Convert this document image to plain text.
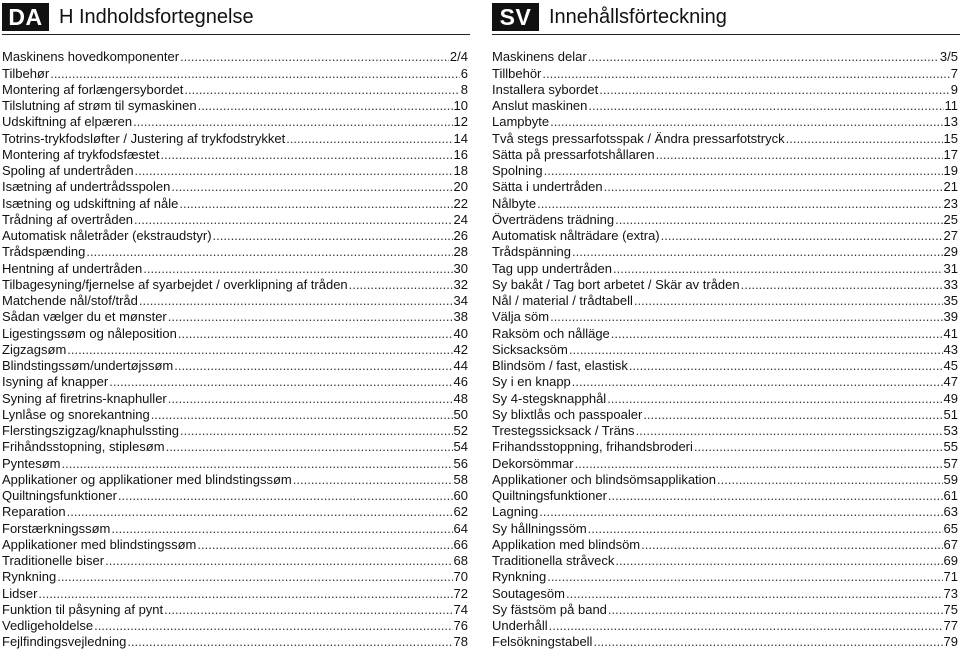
DA H Indholdsfortegnelse
Maskinens hovedkomponenter .....	2/4
Tilbehør .....	6
Montering af forlængersybordet .....	8
Tilslutning af strøm til symaskinen .....	10
Udskiftning af elpæren .....	12
Totrins-trykfodsløfter / Justering af trykfodstrykket .....	14
Montering af trykfodsfæstet .....	16
Spoling af undertråden .....	18
Isætning af undertrådsspolen .....	20
Isætning og udskiftning af nåle .....	22
Trådning af overtråden .....	24
Automatisk nåletråder (ekstraudstyr) .....	26
Trådspænding .....	28
Hentning af undertråden .....	30
Tilbagesyning/fjernelse af syarbejdet / overklipning af tråden .....	32
Matchende nål/stof/tråd .....	34
Sådan vælger du et mønster .....	38
Ligestingssøm og nåleposition .....	40
Zigzagsøm .....	42
Blindstingssøm/undertøjssøm .....	44
Isyning af knapper .....	46
Syning af firetrins-knaphuller .....	48
Lynlåse og snorekantning .....	50
Flerstingszigzag/knaphulssting .....	52
Frihåndsstopning, stiplesøm .....	54
Pyntesøm .....	56
Applikationer og applikationer med blindstingssøm .....	58
Quiltningsfunktioner .....	60
Reparation .....	62
Forstærkningssøm .....	64
Applikationer med blindstingssøm .....	66
Traditionelle biser .....	68
Rynkning .....	70
Lidser .....	72
Funktion til påsyning af pynt .....	74
Vedligeholdelse .....	76
Fejlfindingsvejledning .....	78
SV Innehållsförteckning
Maskinens delar .....	3/5
Tillbehör .....	7
Installera sybordet .....	9
Anslut maskinen .....	11
Lampbyte .....	13
Två stegs pressarfotsspak / Ändra pressarfotstryck .....	15
Sätta på pressarfotshållaren .....	17
Spolning .....	19
Sätta i undertråden .....	21
Nålbyte .....	23
Överträdens trädning .....	25
Automatisk nålträdare (extra) .....	27
Trådspänning .....	29
Tag upp undertråden .....	31
Sy bakåt / Tag bort arbetet / Skär av tråden .....	33
Nål / material / trådtabell .....	35
Välja söm .....	39
Raksöm och nålläge .....	41
Sicksacksöm .....	43
Blindsöm / fast, elastisk .....	45
Sy i en knapp .....	47
Sy 4-stegsknapphål .....	49
Sy blixtlås och passpoaler .....	51
Trestegssicksack / Träns .....	53
Frihandsstoppning, frihandsbroderi .....	55
Dekorsömmar .....	57
Applikationer och blindsömsapplikation .....	59
Quiltningsfunktioner .....	61
Lagning .....	63
Sy hållningssöm .....	65
Applikation med blindsöm .....	67
Traditionella stråveck .....	69
Rynkning .....	71
Soutagesöm .....	73
Sy fästsöm på band .....	75
Underhåll .....	77
Felsökningstabell .....	79
